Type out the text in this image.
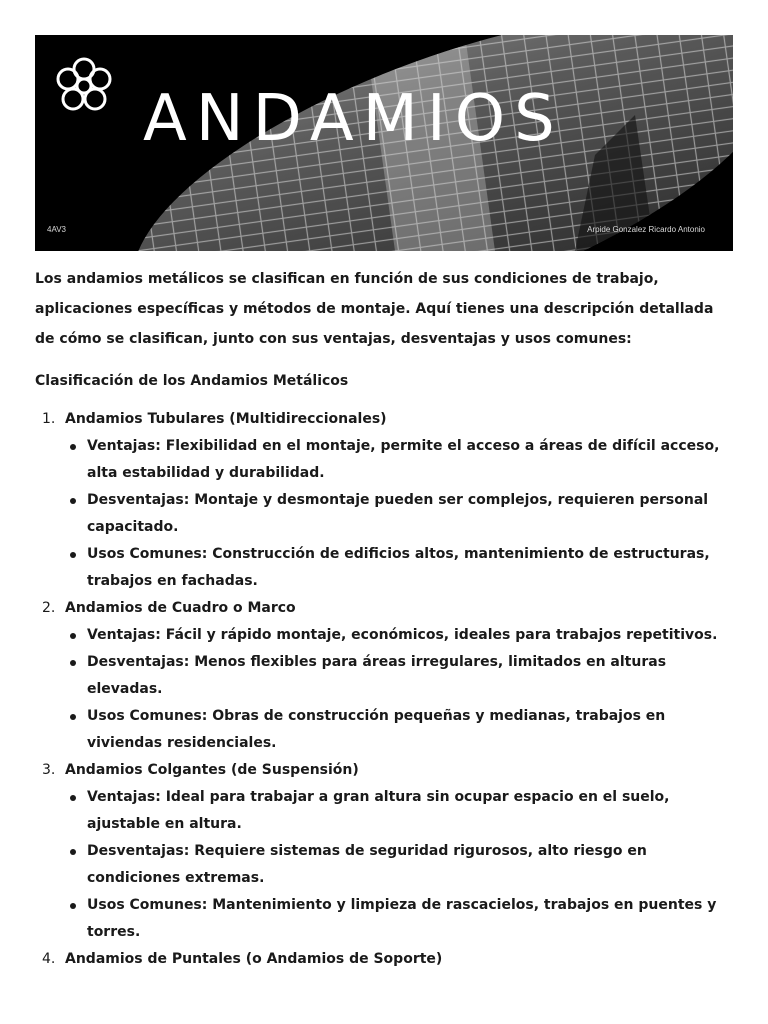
ANDAMIOS
4AV3	Arpide Gonzalez Ricardo Antonio

Los andamios metálicos se clasifican en función de sus condiciones de trabajo, aplicaciones específicas y métodos de montaje. Aquí tienes una descripción detallada de cómo se clasifican, junto con sus ventajas, desventajas y usos comunes:

Clasificación de los Andamios Metálicos

1. Andamios Tubulares (Multidireccionales)
Ventajas: Flexibilidad en el montaje, permite el acceso a áreas de difícil acceso, alta estabilidad y durabilidad.
Desventajas: Montaje y desmontaje pueden ser complejos, requieren personal capacitado.
Usos Comunes: Construcción de edificios altos, mantenimiento de estructuras, trabajos en fachadas.
2. Andamios de Cuadro o Marco
Ventajas: Fácil y rápido montaje, económicos, ideales para trabajos repetitivos.
Desventajas: Menos flexibles para áreas irregulares, limitados en alturas elevadas.
Usos Comunes: Obras de construcción pequeñas y medianas, trabajos en viviendas residenciales.
3. Andamios Colgantes (de Suspensión)
Ventajas: Ideal para trabajar a gran altura sin ocupar espacio en el suelo, ajustable en altura.
Desventajas: Requiere sistemas de seguridad rigurosos, alto riesgo en condiciones extremas.
Usos Comunes: Mantenimiento y limpieza de rascacielos, trabajos en puentes y torres.
4. Andamios de Puntales (o Andamios de Soporte)
